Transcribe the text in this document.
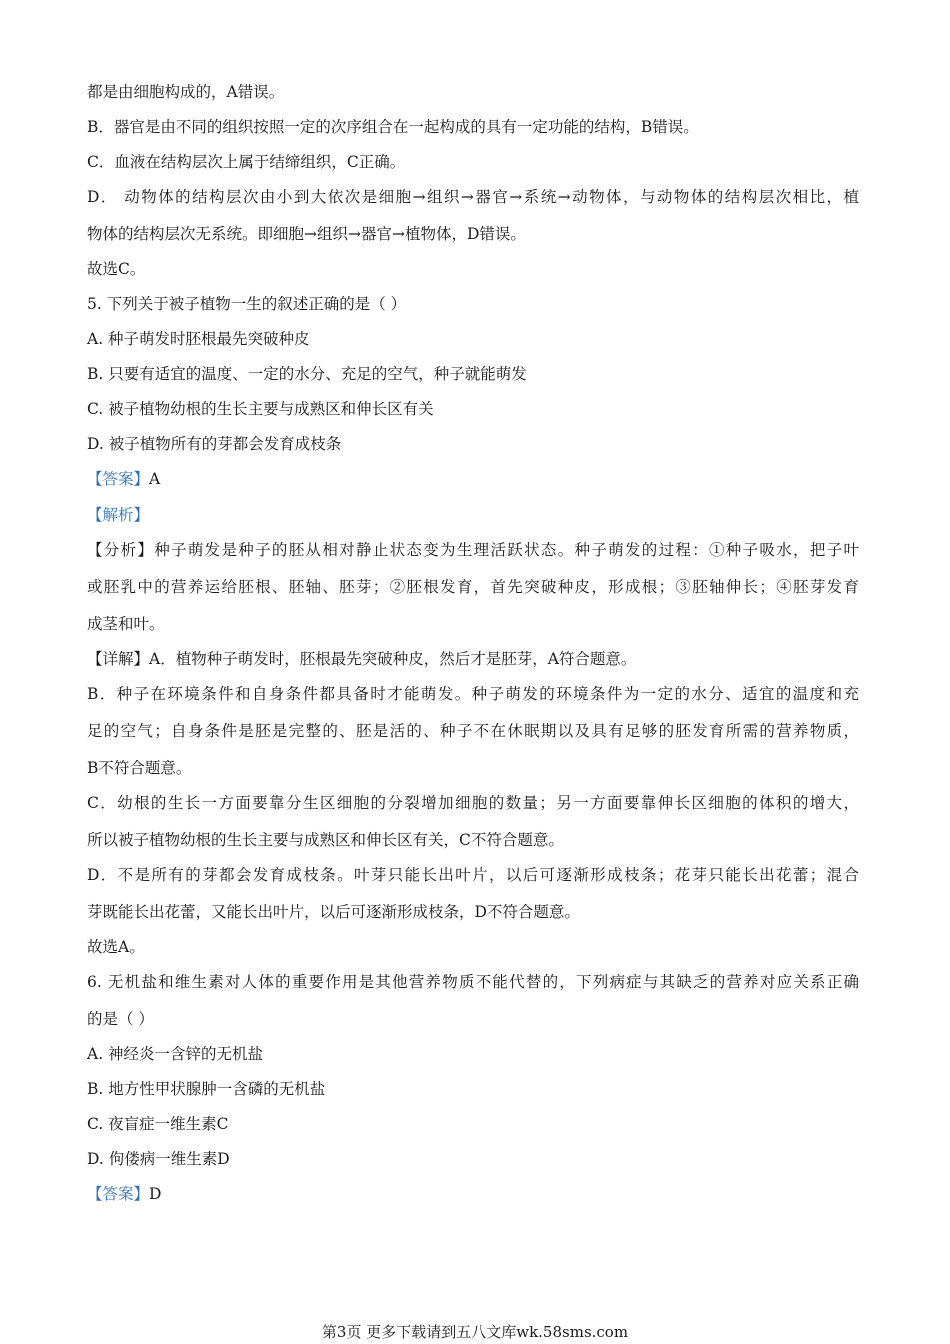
都是由细胞构成的，A错误。
B．器官是由不同的组织按照一定的次序组合在一起构成的具有一定功能的结构，B错误。
C．血液在结构层次上属于结缔组织，C正确。
D． 动物体的结构层次由小到大依次是细胞→组织→器官→系统→动物体，与动物体的结构层次相比，植
物体的结构层次无系统。即细胞→组织→器官→植物体，D错误。
故选C。
5. 下列关于被子植物一生的叙述正确的是（ ）
A. 种子萌发时胚根最先突破种皮
B. 只要有适宜的温度、一定的水分、充足的空气，种子就能萌发
C. 被子植物幼根的生长主要与成熟区和伸长区有关
D. 被子植物所有的芽都会发育成枝条
【答案】A
【解析】
【分析】种子萌发是种子的胚从相对静止状态变为生理活跃状态。种子萌发的过程：①种子吸水，把子叶
或胚乳中的营养运给胚根、胚轴、胚芽；②胚根发育，首先突破种皮，形成根；③胚轴伸长；④胚芽发育
成茎和叶。
【详解】A．植物种子萌发时，胚根最先突破种皮，然后才是胚芽，A符合题意。
B．种子在环境条件和自身条件都具备时才能萌发。种子萌发的环境条件为一定的水分、适宜的温度和充
足的空气；自身条件是胚是完整的、胚是活的、种子不在休眠期以及具有足够的胚发育所需的营养物质，
B不符合题意。
C．幼根的生长一方面要靠分生区细胞的分裂增加细胞的数量；另一方面要靠伸长区细胞的体积的增大，
所以被子植物幼根的生长主要与成熟区和伸长区有关，C不符合题意。
D．不是所有的芽都会发育成枝条。叶芽只能长出叶片，以后可逐渐形成枝条；花芽只能长出花蕾；混合
芽既能长出花蕾，又能长出叶片，以后可逐渐形成枝条，D不符合题意。
故选A。
6. 无机盐和维生素对人体的重要作用是其他营养物质不能代替的，下列病症与其缺乏的营养对应关系正确
的是（ ）
A. 神经炎一含锌的无机盐
B. 地方性甲状腺肿一含磷的无机盐
C. 夜盲症一维生素C
D. 佝偻病一维生素D
【答案】D
第3页 更多下载请到五八文库wk.58sms.com
